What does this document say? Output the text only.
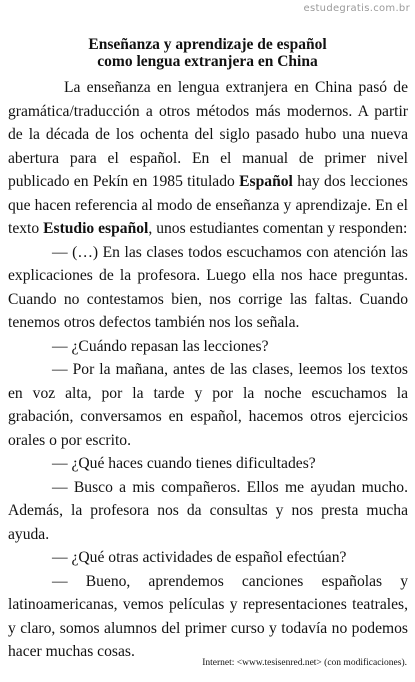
estudegratis.com.br
Enseñanza y aprendizaje de español
como lengua extranjera en China

La enseñanza en lengua extranjera en China pasó de gramática/traducción a otros métodos más modernos. A partir de la década de los ochenta del siglo pasado hubo una nueva abertura para el español. En el manual de primer nivel publicado en Pekín en 1985 titulado Español hay dos lecciones que hacen referencia al modo de enseñanza y aprendizaje. En el texto Estudio español, unos estudiantes comentan y responden:

— (…) En las clases todos escuchamos con atención las explicaciones de la profesora. Luego ella nos hace preguntas. Cuando no contestamos bien, nos corrige las faltas. Cuando tenemos otros defectos también nos los señala.

— ¿Cuándo repasan las lecciones?

— Por la mañana, antes de las clases, leemos los textos en voz alta, por la tarde y por la noche escuchamos la grabación, conversamos en español, hacemos otros ejercicios orales o por escrito.

— ¿Qué haces cuando tienes dificultades?

— Busco a mis compañeros. Ellos me ayudan mucho. Además, la profesora nos da consultas y nos presta mucha ayuda.

— ¿Qué otras actividades de español efectúan?

— Bueno, aprendemos canciones españolas y latinoamericanas, vemos películas y representaciones teatrales, y claro, somos alumnos del primer curso y todavía no podemos hacer muchas cosas.

Internet: <www.tesisenred.net> (con modificaciones).
